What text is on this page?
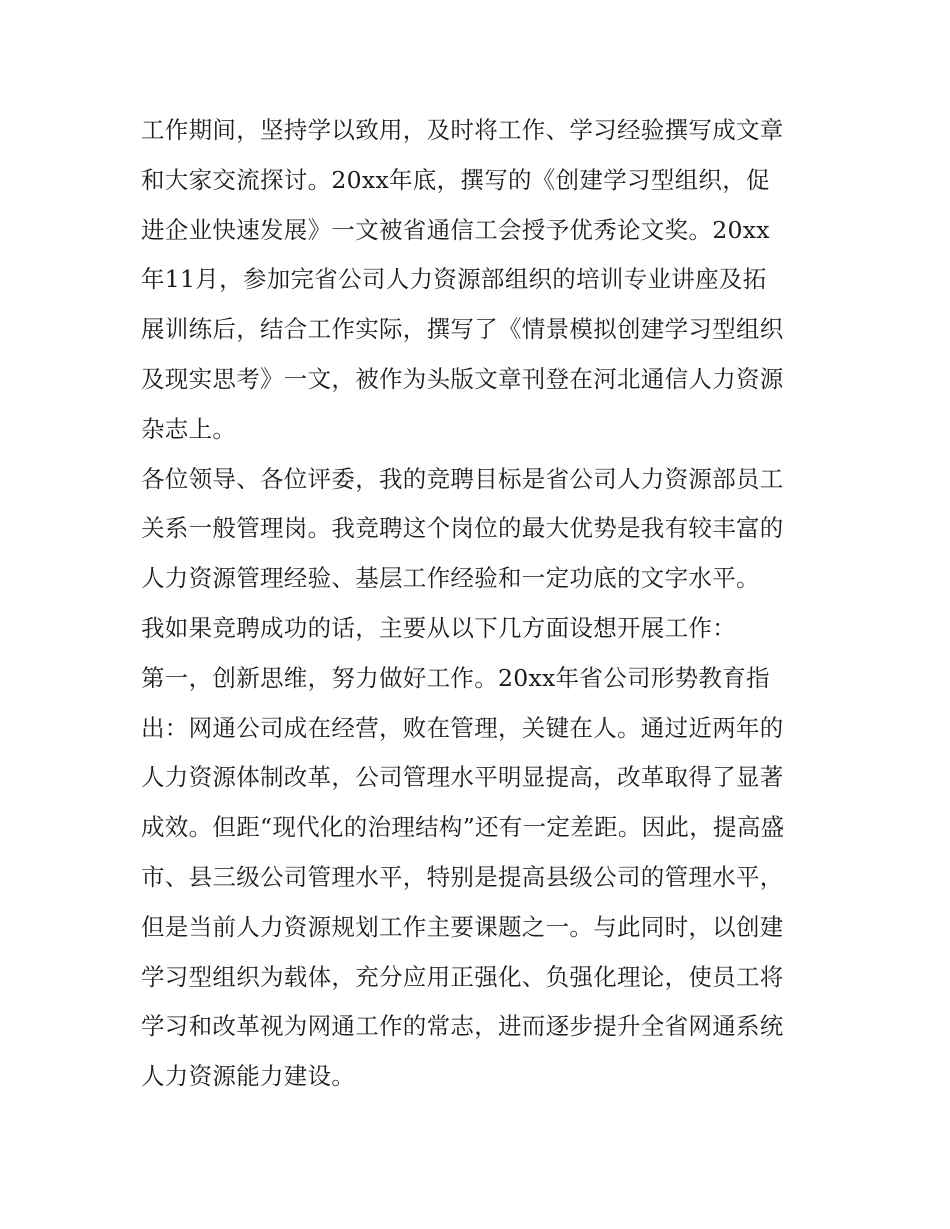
工作期间，坚持学以致用，及时将工作、学习经验撰写成文章
和大家交流探讨。20xx年底，撰写的《创建学习型组织，促
进企业快速发展》一文被省通信工会授予优秀论文奖。20xx
年11月，参加完省公司人力资源部组织的培训专业讲座及拓
展训练后，结合工作实际，撰写了《情景模拟创建学习型组织
及现实思考》一文，被作为头版文章刊登在河北通信人力资源
杂志上。
各位领导、各位评委，我的竞聘目标是省公司人力资源部员工
关系一般管理岗。我竞聘这个岗位的最大优势是我有较丰富的
人力资源管理经验、基层工作经验和一定功底的文字水平。
我如果竞聘成功的话，主要从以下几方面设想开展工作：
第一，创新思维，努力做好工作。20xx年省公司形势教育指
出：网通公司成在经营，败在管理，关键在人。通过近两年的
人力资源体制改革，公司管理水平明显提高，改革取得了显著
成效。但距“现代化的治理结构”还有一定差距。因此，提高盛
市、县三级公司管理水平，特别是提高县级公司的管理水平，
但是当前人力资源规划工作主要课题之一。与此同时，以创建
学习型组织为载体，充分应用正强化、负强化理论，使员工将
学习和改革视为网通工作的常志，进而逐步提升全省网通系统
人力资源能力建设。
